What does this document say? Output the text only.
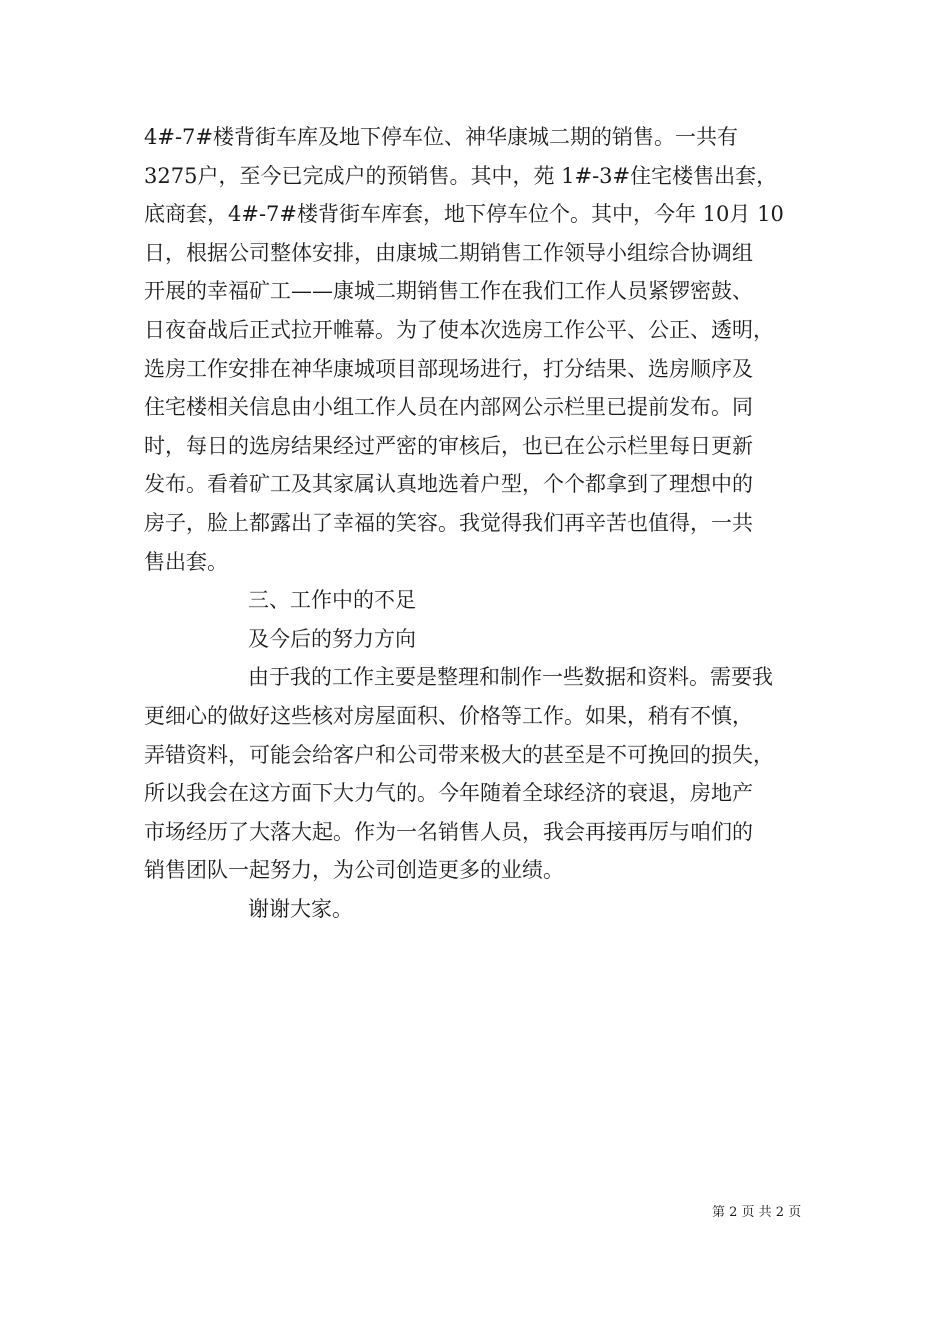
4#-7#楼背街车库及地下停车位、神华康城二期的销售。一共有
3275户，至今已完成户的预销售。其中，苑 1#-3#住宅楼售出套，
底商套，4#-7#楼背街车库套，地下停车位个。其中，今年 10月 10
日，根据公司整体安排，由康城二期销售工作领导小组综合协调组
开展的幸福矿工——康城二期销售工作在我们工作人员紧锣密鼓、
日夜奋战后正式拉开帷幕。为了使本次选房工作公平、公正、透明，
选房工作安排在神华康城项目部现场进行，打分结果、选房顺序及
住宅楼相关信息由小组工作人员在内部网公示栏里已提前发布。同
时，每日的选房结果经过严密的审核后，也已在公示栏里每日更新
发布。看着矿工及其家属认真地选着户型，个个都拿到了理想中的
房子，脸上都露出了幸福的笑容。我觉得我们再辛苦也值得，一共
售出套。
三、工作中的不足
及今后的努力方向
由于我的工作主要是整理和制作一些数据和资料。需要我
更细心的做好这些核对房屋面积、价格等工作。如果，稍有不慎，
弄错资料，可能会给客户和公司带来极大的甚至是不可挽回的损失，
所以我会在这方面下大力气的。今年随着全球经济的衰退，房地产
市场经历了大落大起。作为一名销售人员，我会再接再厉与咱们的
销售团队一起努力，为公司创造更多的业绩。
谢谢大家。
第 2 页 共 2 页
